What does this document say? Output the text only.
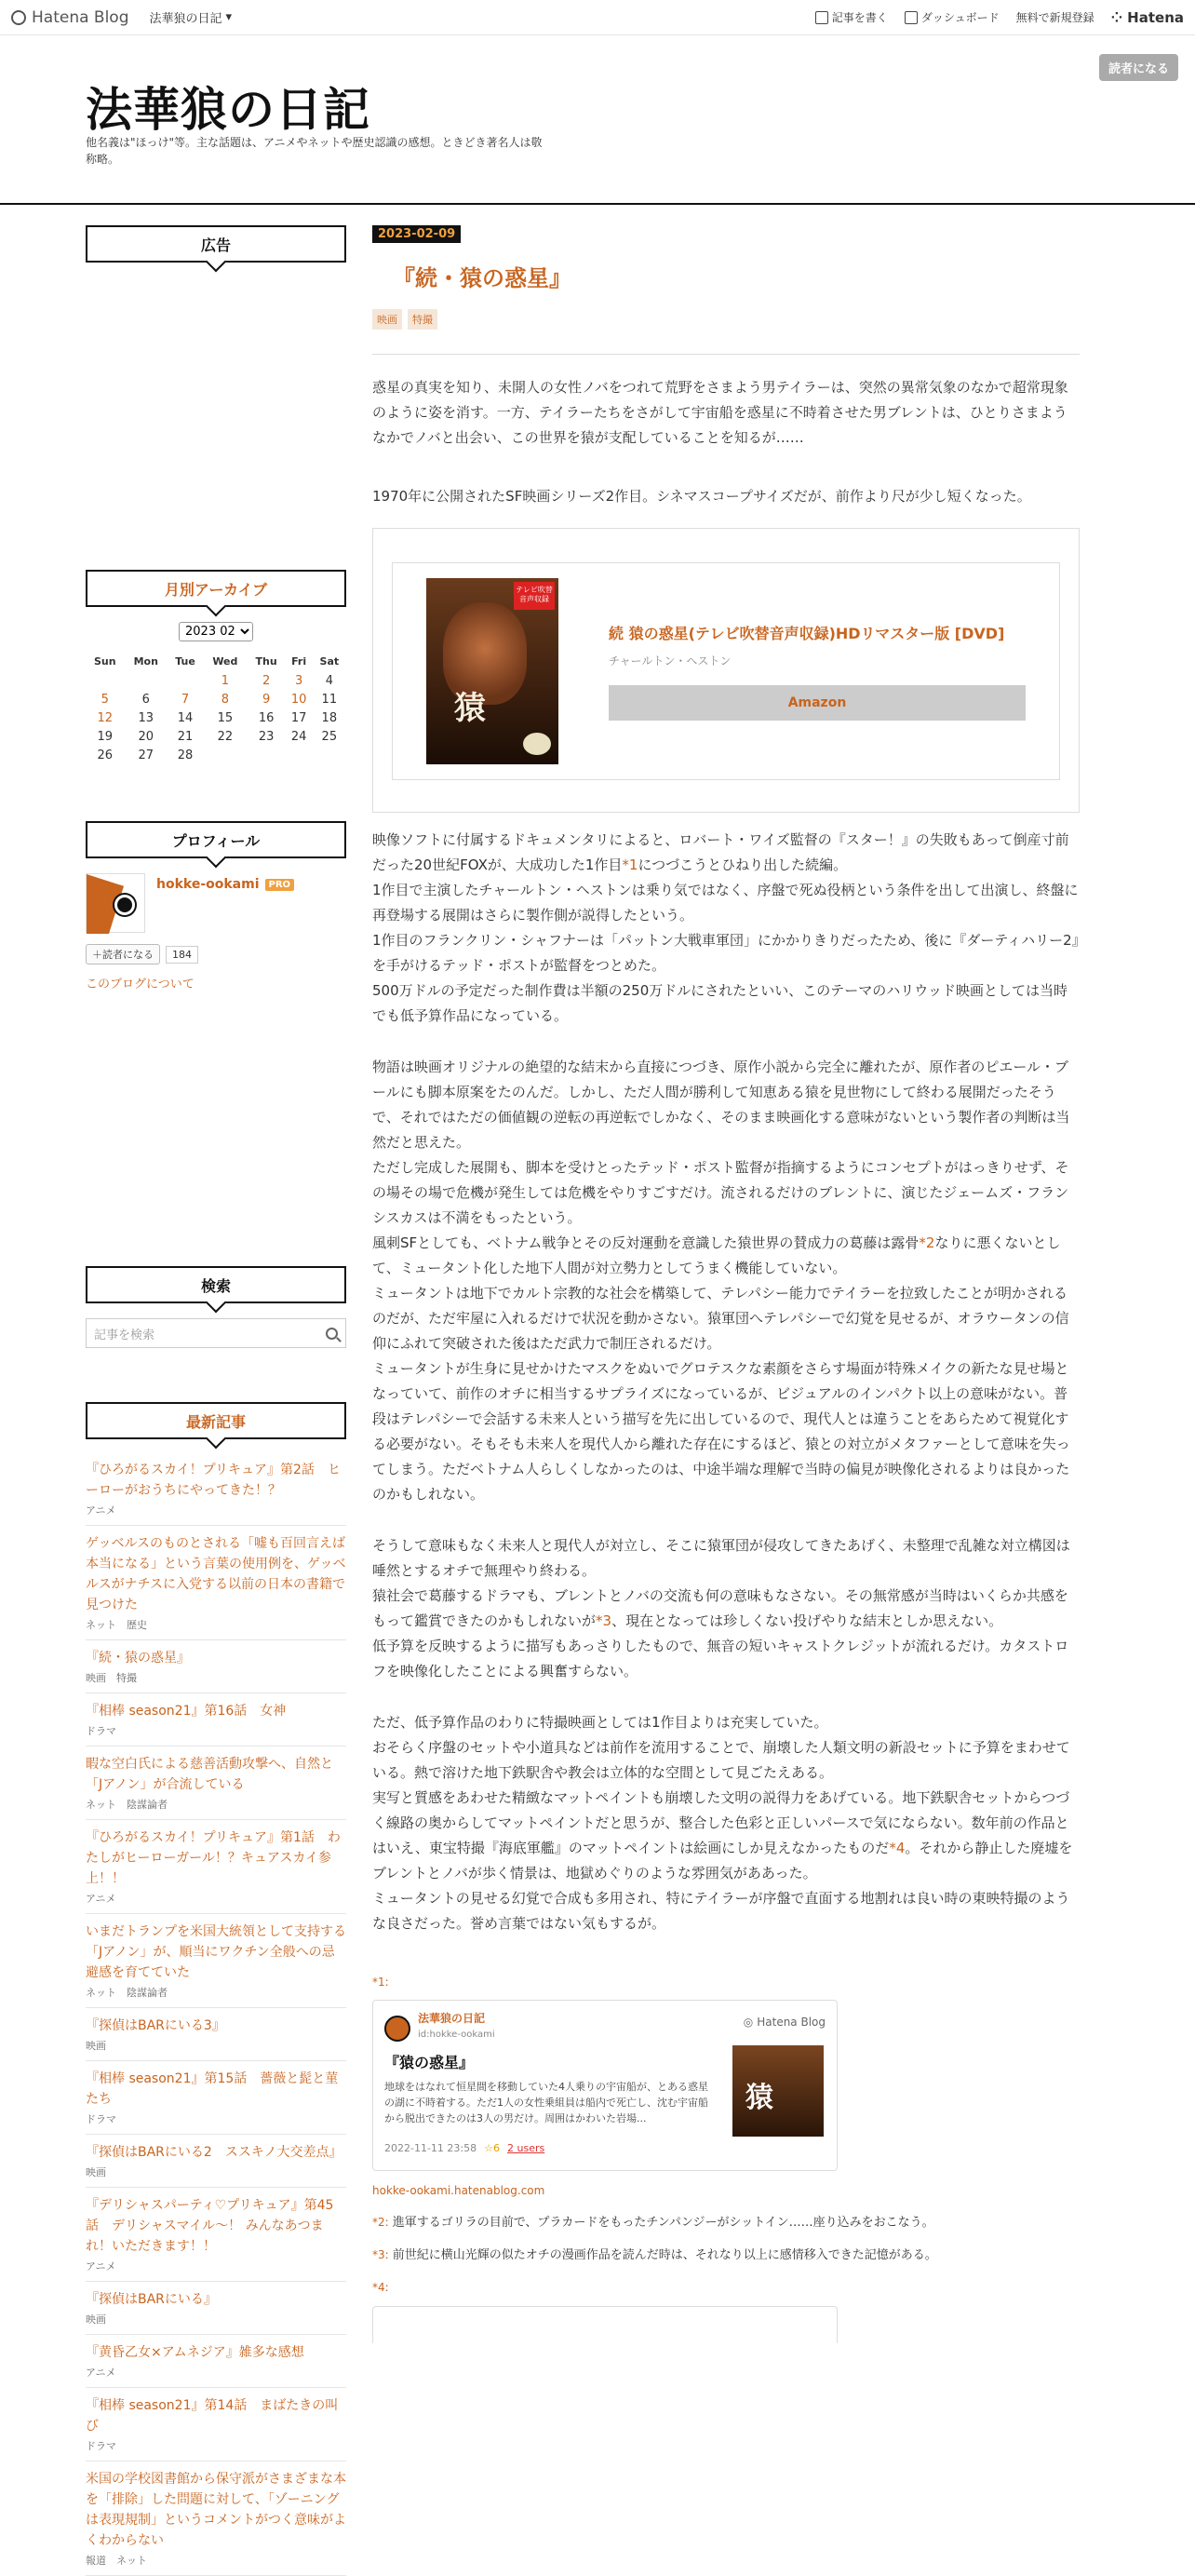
Hatena Blog 法華狼の日記 ▾	記事を書く	ダッシュボード 無料で新規登録 ⁘ Hatena
法華狼の日記
他名義は"ほっけ"等。主な話題は、アニメやネットや歴史認識の感想。ときどき著名人は敬称略。
読者になる
広告
月別アーカイブ
2023 02
Sun	Mon	Tue	Wed	Thu	Fri	Sat
			1	2	3	4
5	6	7	8	9	10	11
12	13	14	15	16	17	18
19	20	21	22	23	24	25
26	27	28				
プロフィール
hokke-ookami	PRO
＋読者になる	184
このブログについて
検索
記事を検索
最新記事
『ひろがるスカイ！プリキュア』第2話　ヒーローがおうちにやってきた！？
アニメ
ゲッベルスのものとされる「嘘も百回言えば本当になる」という言葉の使用例を、ゲッベルスがナチスに入党する以前の日本の書籍で見つけた
ネット　歴史
『続・猿の惑星』
映画　特撮
『相棒 season21』第16話　女神
ドラマ
暇な空白氏による慈善活動攻撃へ、自然と「Jアノン」が合流している
ネット　陰謀論者
『ひろがるスカイ！プリキュア』第1話　わたしがヒーローガール！？キュアスカイ参上！！
アニメ
いまだトランプを米国大統領として支持する「Jアノン」が、順当にワクチン全般への忌避感を育てていた
ネット　陰謀論者
『探偵はBARにいる3』
映画
『相棒 season21』第15話　薔薇と髭と菫たち
ドラマ
『探偵はBARにいる2　ススキノ大交差点』
映画
『デリシャスパーティ♡プリキュア』第45話　デリシャスマイル～！ みんなあつまれ！いただきます！！
アニメ
『探偵はBARにいる』
映画
『黄昏乙女×アムネジア』雑多な感想
アニメ
『相棒 season21』第14話　まばたきの叫び
ドラマ
米国の学校図書館から保守派がさまざまな本を「排除」した問題に対して、「ゾーニングは表現規制」というコメントがつく意味がよくわからない
報道　ネット
2023-02-09
『続・猿の惑星』
映画	特撮

惑星の真実を知り、未開人の女性ノバをつれて荒野をさまよう男テイラーは、突然の異常気象のなかで超常現象のように姿を消す。一方、テイラーたちをさがして宇宙船を惑星に不時着させた男ブレントは、ひとりさまようなかでノバと出会い、この世界を猿が支配していることを知るが……

1970年に公開されたSF映画シリーズ2作目。シネマスコープサイズだが、前作より尺が少し短くなった。

テレビ吹替音声収録
猿
続 猿の惑星(テレビ吹替音声収録)HDリマスター版 [DVD]
チャールトン・ヘストン
Amazon

映像ソフトに付属するドキュメンタリによると、ロバート・ワイズ監督の『スター！』の失敗もあって倒産寸前だった20世紀FOXが、大成功した1作目*1につづこうとひねり出した続編。

1作目で主演したチャールトン・ヘストンは乗り気ではなく、序盤で死ぬ役柄という条件を出して出演し、終盤に再登場する展開はさらに製作側が説得したという。

1作目のフランクリン・シャフナーは「パットン大戦車軍団」にかかりきりだったため、後に『ダーティハリー2』を手がけるテッド・ポストが監督をつとめた。

500万ドルの予定だった制作費は半額の250万ドルにされたといい、このテーマのハリウッド映画としては当時でも低予算作品になっている。

物語は映画オリジナルの絶望的な結末から直接につづき、原作小説から完全に離れたが、原作者のピエール・ブールにも脚本原案をたのんだ。しかし、ただ人間が勝利して知恵ある猿を見世物にして終わる展開だったそうで、それではただの価値観の逆転の再逆転でしかなく、そのまま映画化する意味がないという製作者の判断は当然だと思えた。

ただし完成した展開も、脚本を受けとったテッド・ポスト監督が指摘するようにコンセプトがはっきりせず、その場その場で危機が発生しては危機をやりすごすだけ。流されるだけのブレントに、演じたジェームズ・フランシスカスは不満をもったという。

風刺SFとしても、ベトナム戦争とその反対運動を意識した猿世界の賛成力の葛藤は露骨*2なりに悪くないとして、ミュータント化した地下人間が対立勢力としてうまく機能していない。

ミュータントは地下でカルト宗教的な社会を構築して、テレパシー能力でテイラーを拉致したことが明かされるのだが、ただ牢屋に入れるだけで状況を動かさない。猿軍団へテレパシーで幻覚を見せるが、オラウータンの信仰にふれて突破された後はただ武力で制圧されるだけ。

ミュータントが生身に見せかけたマスクをぬいでグロテスクな素顔をさらす場面が特殊メイクの新たな見せ場となっていて、前作のオチに相当するサプライズになっているが、ビジュアルのインパクト以上の意味がない。普段はテレパシーで会話する未来人という描写を先に出しているので、現代人とは違うことをあらためて視覚化する必要がない。そもそも未来人を現代人から離れた存在にするほど、猿との対立がメタファーとして意味を失ってしまう。ただベトナム人らしくしなかったのは、中途半端な理解で当時の偏見が映像化されるよりは良かったのかもしれない。

そうして意味もなく未来人と現代人が対立し、そこに猿軍団が侵攻してきたあげく、未整理で乱雑な対立構図は唾然とするオチで無理やり終わる。

猿社会で葛藤するドラマも、ブレントとノバの交流も何の意味もなさない。その無常感が当時はいくらか共感をもって鑑賞できたのかもしれないが*3、現在となっては珍しくない投げやりな結末としか思えない。

低予算を反映するように描写もあっさりしたもので、無音の短いキャストクレジットが流れるだけ。カタストロフを映像化したことによる興奮すらない。

ただ、低予算作品のわりに特撮映画としては1作目よりは充実していた。

おそらく序盤のセットや小道具などは前作を流用することで、崩壊した人類文明の新設セットに予算をまわせている。熱で溶けた地下鉄駅舎や教会は立体的な空間として見ごたえある。

実写と質感をあわせた精緻なマットペイントも崩壊した文明の説得力をあげている。地下鉄駅舎セットからつづく線路の奥からしてマットペイントだと思うが、整合した色彩と正しいパースで気にならない。数年前の作品とはいえ、東宝特撮『海底軍艦』のマットペイントは絵画にしか見えなかったものだ*4。それから静止した廃墟をブレントとノバが歩く情景は、地獄めぐりのような雰囲気がああった。

ミュータントの見せる幻覚で合成も多用され、特にテイラーが序盤で直面する地割れは良い時の東映特撮のような良さだった。誉め言葉ではない気もするが。

*1:
法華狼の日記
id:hokke-ookami
◎ Hatena Blog
『猿の惑星』
地球をはなれて恒星間を移動していた4人乗りの宇宙船が、とある惑星の湖に不時着する。ただ1人の女性乗組員は船内で死亡し、沈む宇宙船から脱出できたのは3人の男だけ。周囲はかわいた岩場...
猿
2022-11-11 23:58 ☆6 2 users
hokke-ookami.hatenablog.com
*2: 進軍するゴリラの目前で、プラカードをもったチンパンジーがシットイン……座り込みをおこなう。
*3: 前世紀に横山光輝の似たオチの漫画作品を読んだ時は、それなり以上に感情移入できた記憶がある。
*4:
